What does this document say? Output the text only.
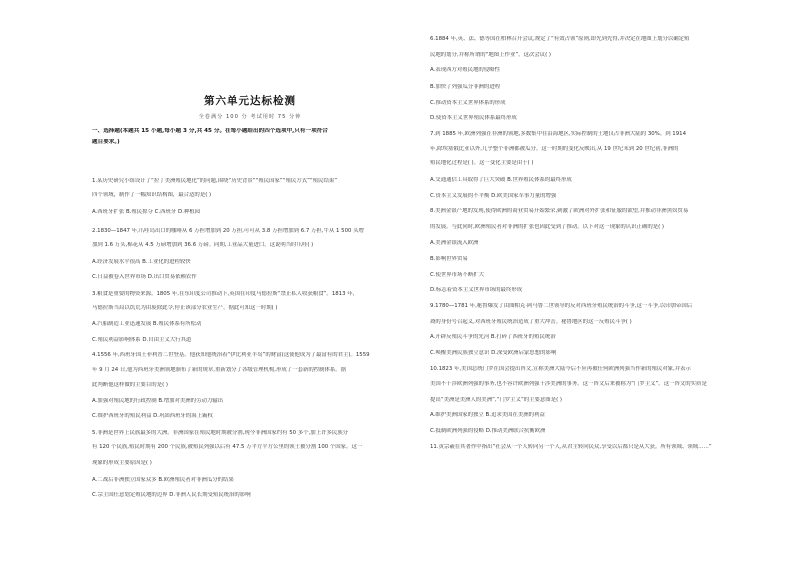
第六单元达标检测
全卷满分 100 分 考试用时 75 分钟
一、选择题(本题共 15 小题,每小题 3 分,共 45 分。在每小题给出的四个选项中,只有一项符合
题目要求。)
1.某历史研究小组设计了“拉丁美洲殖民地化”的问题,围绕“历史背景”“殖民国家”“殖民方式”“殖民结果”
四个领域，制作了一幅知识结构图，最合适的是( )
A.西班牙扩张 B.殖民掠夺 C.西班牙 D.种植园
2.1830—1847 年,爪哇岛出口的咖啡从 6 万担增加到 20 万担,可可从 3.8 万担增加到 6.7 万担,牛从 1 500 头增
加到 1.6 万头,棉花从 4.5 万磅增加到 36.6 万磅。同期,工业品大量进口。这说明当时爪哇( )
A.经济发展水平很高 B.工业化的进程较快
C.日益被卷入世界市场 D.出口贸易依赖农作
3.粮食是重要的物资来源。1805 年,在东印度公司推动下,英国在印度马德拉斯“禁止私人收获粮食”。1813 年,
马德拉斯当局以饥荒为由废除此令,停止该部分农业生产。据此可知这一时期( )
A.汽船制造工业迅速发展 B.殖民体系有所松动
C.殖民利益影响体系 D.自由主义大行其道
4.1556 年,西班牙国王菲利普二世登基。他获知他统治着“伊比利亚半岛”的财富(这使他成为了最富有的君主)。1559
年 9 月 24 日,他为西班牙美洲领地颁布了新的规章,重新划分了各级管理机构,形成了一套新的控制体系。据
此判断他这样做的主要目的是( )
A.加强对殖民地的行政控制 B.增加对美洲的劳动力输出
C.维护西班牙的殖民利益 D.巩固西班牙的海上霸权
5.非洲是世界上民族最多的大洲。非洲国家在殖民地时期被分割,现今非洲国家约有 50 多个,加上许多民族分
有 120 个民族,殖民时期有 200 个民族,被殖民列强以后有 47.5 万平方平方公里的领土被分割 100 个国家。这一
现象的形成主要原因是( )
A.二战后非洲独立国家众多 B.欧洲殖民者对非洲瓜分的结果
C.宗主国任意划定殖民地的边界 D.非洲人民长期受殖民统治的影响
6.1884 年,英、法、德等国在柏林召开会议,规定了“有效占领”原则,即先到先得,并决定在地图上划分以确定殖
民地的划分,并称所谓的“地图上作业”。这次会议( )
A.表现西方对殖民地的侵略性
B.加快了列强瓜分非洲的进程
C.推动资本主义世界体系的形成
D.使资本主义世界殖民体系最终形成
7.到 1885 年,欧洲列强在非洲的领地,多数集中在沿海地区,实际控制的土地仅占非洲大陆的 30%。到 1914
年,除埃塞俄比亚以外,几乎整个非洲都被瓜分。这一时期的变化反映出,从 19 世纪末到 20 世纪初,非洲的
殖民地化过程是( )。这一变化主要是由于( )
A.交通通信工具取得了巨大突破 B.世界殖民体系的最终形成
C.资本主义发展的不平衡 D.欧美国家军事力量的增强
8.美洲金银产地的发现,使得欧洲的商业贸易开始繁荣,刺激了欧洲对外扩张和征服的欲望,并推动非洲黑奴贸易
的发展。与此同时,欧洲殖民者对非洲的扩张也因此受到了推动。以下对这一现象的认识正确的是( )
A.美洲金银流入欧洲
B.影响世界贸易
C.使世界市场不断扩大
D.标志着资本主义世界市场的最终形成
9.1780—1781 年,秘鲁爆发了由图帕克·阿马鲁二世领导的反对西班牙殖民统治的斗争,这一斗争,以印加帝国后
裔的身份号召起义,对西班牙殖民统治造成了重大冲击。秘鲁地区的这一反殖民斗争( )
A.开辟反殖民斗争的先河 B.打碎了西班牙的殖民统治
C.唤醒美洲民族独立意识 D.深受欧洲启蒙思想的影响
10.1823 年,美国总统门罗在国会提出咨文,宣称美洲大陆今后不应再被任何欧洲列强当作新的殖民对象,并表示
美国不干涉欧洲列强的事务,也不容许欧洲列强干涉美洲的事务。这一咨文后来被称为“门罗主义”。这一咨文的实质是
提出“美洲是美洲人的美洲”,“门罗主义”的主要意图是( )
A.维护美洲国家的独立 B.追求美国在美洲的利益
C.抵制欧洲列强的侵略 D.推动美洲联合抗衡欧洲
11.黄宗羲在其著作中指出“社会从一个人转向另一个人,从君主转向民众,享受以后都只是从大获。所有领域、领域……”
